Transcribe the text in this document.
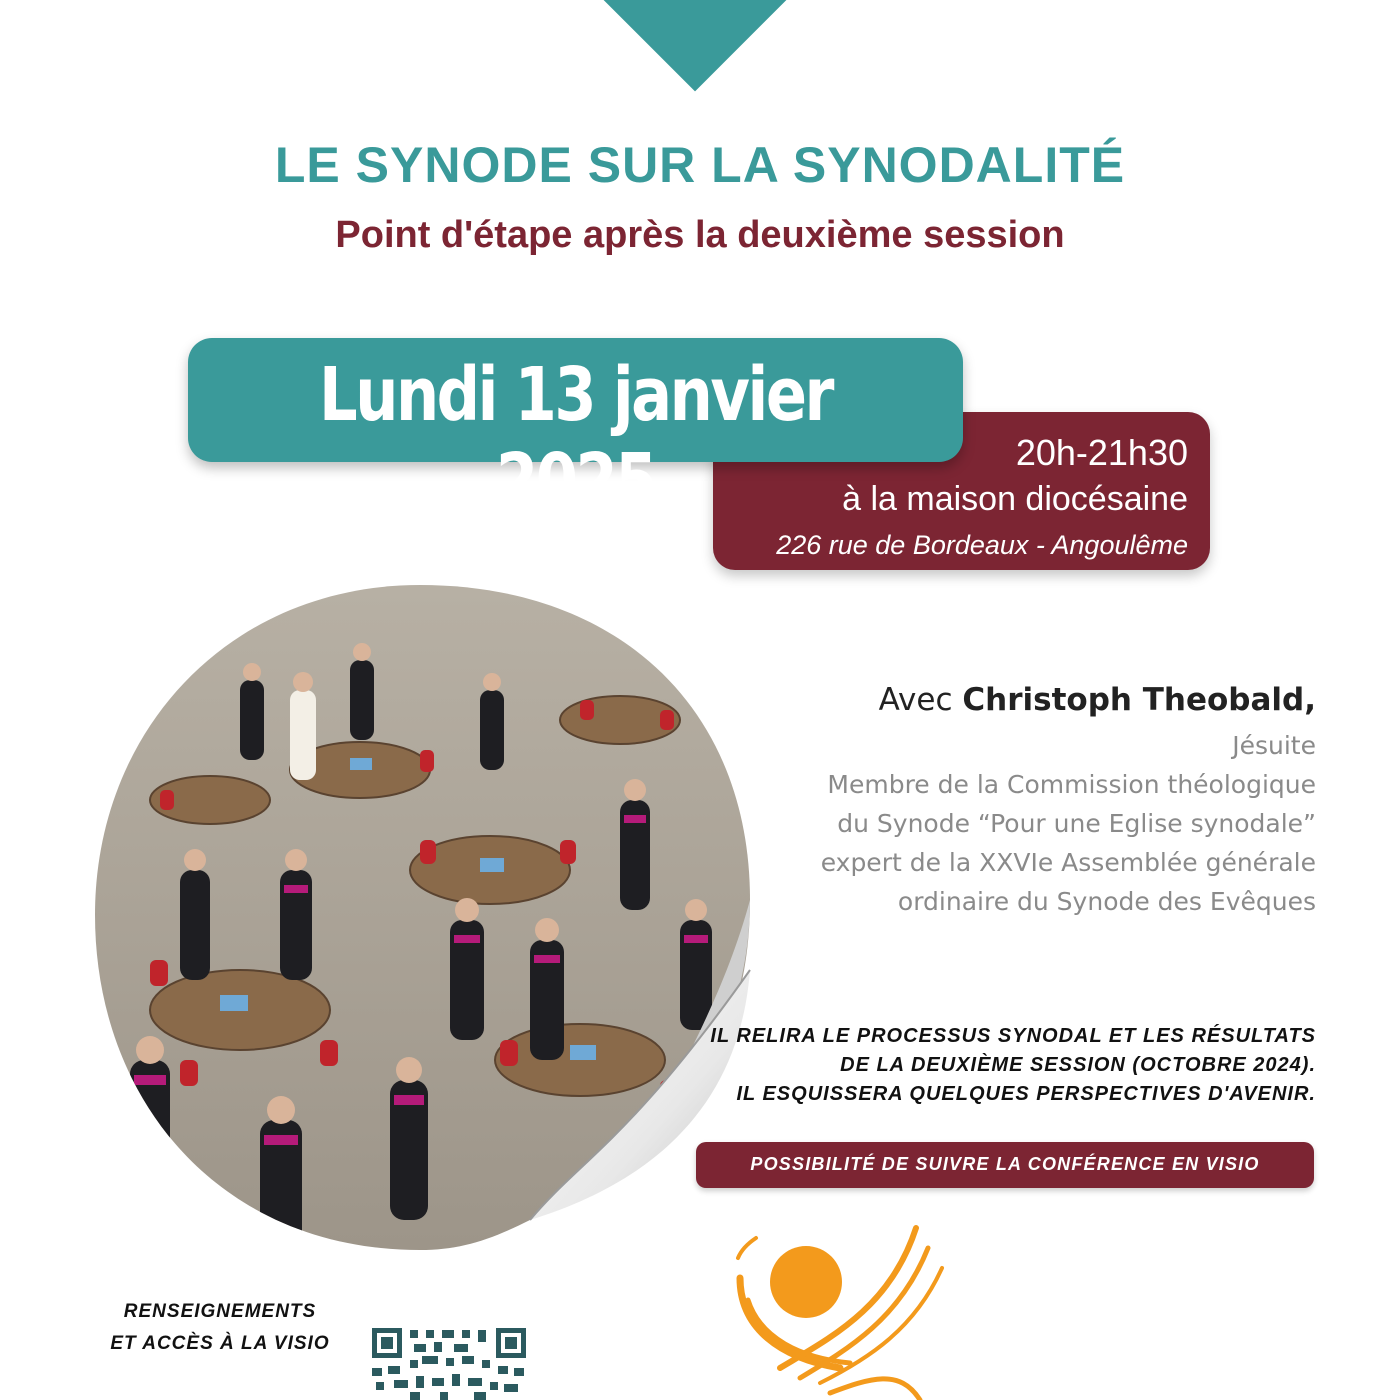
LE SYNODE SUR LA SYNODALITÉ
Point d'étape après la deuxième session
20h-21h30
à la maison diocésaine
226 rue de Bordeaux - Angoulême
Lundi 13 janvier 2025
Avec Christoph Theobald,
Jésuite
Membre de la Commission théologique
du Synode “Pour une Eglise synodale”
expert de la XXVIe Assemblée générale
ordinaire du Synode des Evêques
IL RELIRA LE PROCESSUS SYNODAL ET LES RÉSULTATS
DE LA DEUXIÈME SESSION (OCTOBRE 2024).
IL ESQUISSERA QUELQUES PERSPECTIVES D'AVENIR.
POSSIBILITÉ DE SUIVRE LA CONFÉRENCE EN VISIO
RENSEIGNEMENTS
ET ACCÈS À LA VISIO
